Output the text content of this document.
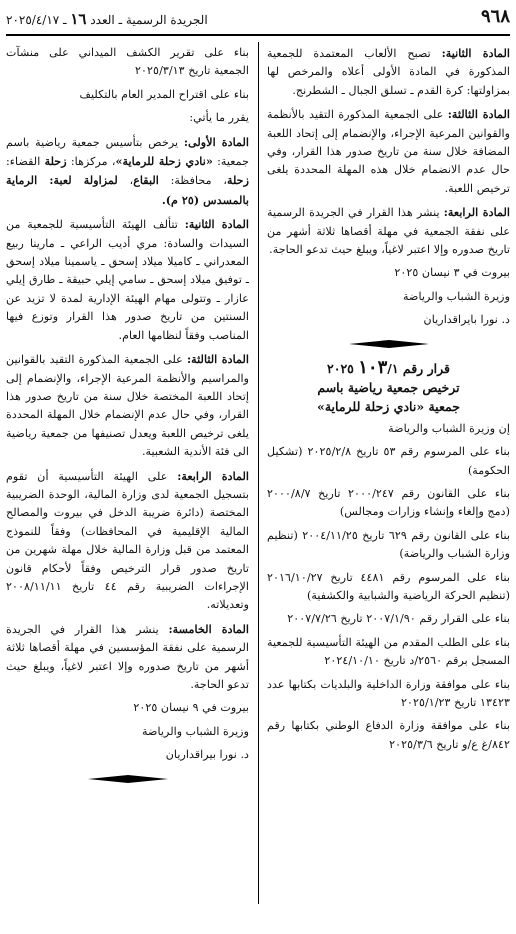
٩٦٨
الجريدة الرسمية ـ العدد ١٦ ـ ٢٠٢٥/٤/١٧

المادة الثانية: تصبح الألعاب المعتمدة للجمعية المذكورة في المادة الأولى أعلاه والمرخص لها بمزاولتها: كرة القدم ـ تسلق الجبال ـ الشطرنج.

المادة الثالثة: على الجمعية المذكورة التقيد بالأنظمة والقوانين المرعية الإجراء، والإنضمام إلى إتحاد اللعبة المضافة خلال سنة من تاريخ صدور هذا القرار، وفي حال عدم الانضمام خلال هذه المهلة المحددة يلغى ترخيص اللعبة.

المادة الرابعة: ينشر هذا القرار في الجريدة الرسمية على نفقة الجمعية في مهلة أقصاها ثلاثة أشهر من تاريخ صدوره وإلا اعتبر لاغياً، ويبلغ حيث تدعو الحاجة.

بيروت في ٣ نيسان ٢٠٢٥

وزيرة الشباب والرياضة

د. نورا بايراقداريان

قرار رقم ١٠٣/١ ٢٠٢٥
ترخيص جمعية رياضية باسم
جمعية «نادي زحلة للرماية»

إن وزيرة الشباب والرياضة

بناء على المرسوم رقم ٥٣ تاريخ ٢٠٢٥/٢/٨ (تشكيل الحكومة)

بناء على القانون رقم ٢٠٠٠/٢٤٧ تاريخ ٢٠٠٠/٨/٧ (دمج وإلغاء وإنشاء وزارات ومجالس)

بناء على القانون رقم ٦٢٩ تاريخ ٢٠٠٤/١١/٢٥ (تنظيم وزارة الشباب والرياضة)

بناء على المرسوم رقم ٤٤٨١ تاريخ ٢٠١٦/١٠/٢٧ (تنظيم الحركة الرياضية والشبابية والكشفية)

بناء على القرار رقم ٢٠٠٧/١/٩٠ تاريخ ٢٠٠٧/٧/٢٦

بناء على الطلب المقدم من الهيئة التأسيسية للجمعية المسجل برقم ٢٥٦٠/د تاريخ ٢٠٢٤/١٠/١٠

بناء على موافقة وزارة الداخلية والبلديات بكتابها عدد ١٣٤٢٣ تاريخ ٢٠٢٥/١/٢٣

بناء على موافقة وزارة الدفاع الوطني بكتابها رقم ٨٤٢/غ ع/و تاريخ ٢٠٢٥/٣/٦

بناء على تقرير الكشف الميداني على منشآت الجمعية تاريخ ٢٠٢٥/٣/١٣

بناء على اقتراح المدير العام بالتكليف

يقرر ما يأتي:

المادة الأولى: يرخص بتأسيس جمعية رياضية باسم جمعية: «نادي زحلة للرماية»، مركزها: زحلة القضاء: زحلة، محافظة: البقاع، لمزاولة لعبة: الرماية بالمسدس (٢٥ م).

المادة الثانية: تتألف الهيئة التأسيسية للجمعية من السيدات والسادة: مري أديب الراعي ـ مارينا ربيع المعدراني ـ كاميلا ميلاد إسحق ـ ياسمينا ميلاد إسحق ـ توفيق ميلاد إسحق ـ سامي إيلي حبيقة ـ طارق إيلي عازار ـ وتتولى مهام الهيئة الإدارية لمدة لا تزيد عن السنتين من تاريخ صدور هذا القرار وتوزع فيها المناصب وفقاً لنظامها العام.

المادة الثالثة: على الجمعية المذكورة التقيد بالقوانين والمراسيم والأنظمة المرعية الإجراء، والإنضمام إلى إتحاد اللعبة المختصة خلال سنة من تاريخ صدور هذا القرار، وفي حال عدم الإنضمام خلال المهلة المحددة يلغى ترخيص اللعبة ويعدل تصنيفها من جمعية رياضية الى فئة الأندية الشعبية.

المادة الرابعة: على الهيئة التأسيسية أن تقوم بتسجيل الجمعية لدى وزارة المالية، الوحدة الضريبية المختصة (دائرة ضريبة الدخل في بيروت والمصالح المالية الإقليمية في المحافظات) وفقاً للنموذج المعتمد من قبل وزارة المالية خلال مهلة شهرين من تاريخ صدور قرار الترخيص وفقاً لأحكام قانون الإجراءات الضريبية رقم ٤٤ تاريخ ٢٠٠٨/١١/١١ وتعديلاته.

المادة الخامسة: ينشر هذا القرار في الجريدة الرسمية على نفقة المؤسسين في مهلة أقصاها ثلاثة أشهر من تاريخ صدوره وإلا اعتبر لاغياً، ويبلغ حيث تدعو الحاجة.

بيروت في ٩ نيسان ٢٠٢٥

وزيرة الشباب والرياضة

د. نورا بيراقداريان
